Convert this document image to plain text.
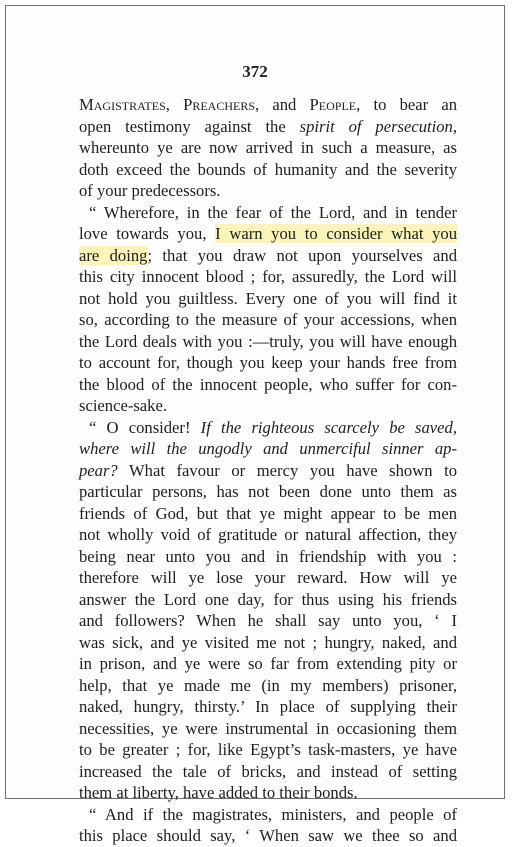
372

Magistrates, Preachers, and People, to bear an
open testimony against the spirit of persecution,
whereunto ye are now arrived in such a measure, as
doth exceed the bounds of humanity and the severity
of your predecessors.
“ Wherefore, in the fear of the Lord, and in tender
love towards you, I warn you to consider what you
are doing; that you draw not upon yourselves and
this city innocent blood ; for, assuredly, the Lord will
not hold you guiltless. Every one of you will find it
so, according to the measure of your accessions, when
the Lord deals with you :—truly, you will have enough
to account for, though you keep your hands free from
the blood of the innocent people, who suffer for con-
science-sake.
“ O consider! If the righteous scarcely be saved,
where will the ungodly and unmerciful sinner ap-
pear? What favour or mercy you have shown to
particular persons, has not been done unto them as
friends of God, but that ye might appear to be men
not wholly void of gratitude or natural affection, they
being near unto you and in friendship with you :
therefore will ye lose your reward. How will ye
answer the Lord one day, for thus using his friends
and followers? When he shall say unto you, ‘ I
was sick, and ye visited me not ; hungry, naked, and
in prison, and ye were so far from extending pity or
help, that ye made me (in my members) prisoner,
naked, hungry, thirsty.’ In place of supplying their
necessities, ye were instrumental in occasioning them
to be greater ; for, like Egypt’s task-masters, ye have
increased the tale of bricks, and instead of setting
them at liberty, have added to their bonds.
“ And if the magistrates, ministers, and people of
this place should say, ‘ When saw we thee so and
